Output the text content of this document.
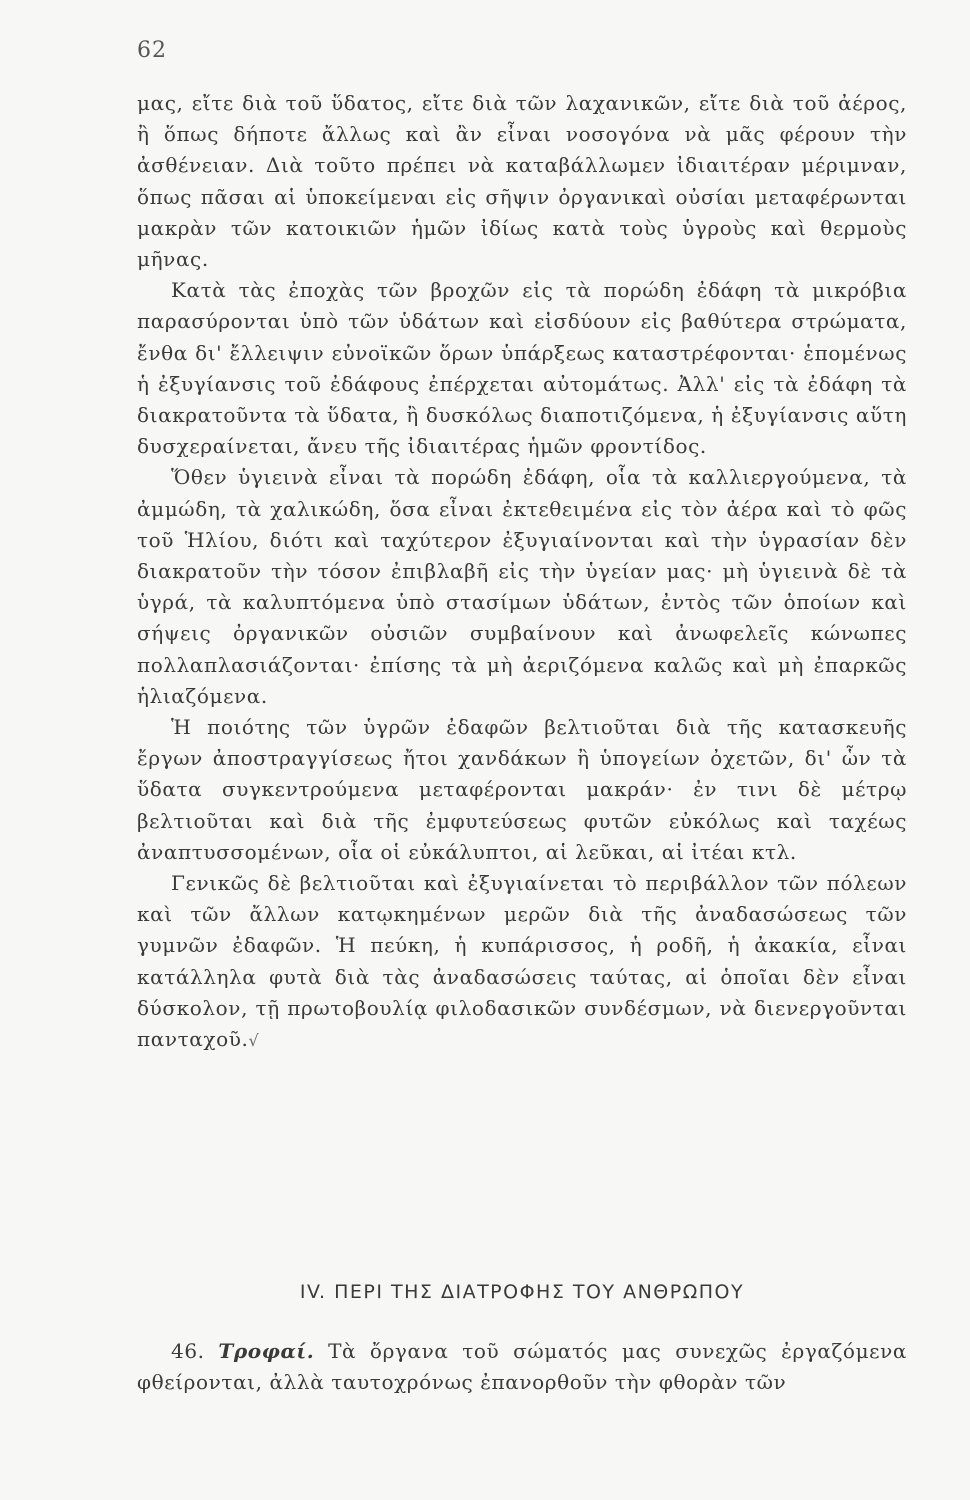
62

μας, εἴτε διὰ τοῦ ὕδατος, εἴτε διὰ τῶν λαχανικῶν, εἴτε διὰ τοῦ ἀέρος, ἢ ὅπως δήποτε ἄλλως καὶ ἂν εἶναι νοσογόνα νὰ μᾶς φέρουν τὴν ἀσθένειαν. Διὰ τοῦτο πρέπει νὰ καταβάλλωμεν ἰδιαιτέραν μέριμναν, ὅπως πᾶσαι αἱ ὑποκείμεναι εἰς σῆψιν ὀργανικαὶ οὐσίαι μεταφέρωνται μακρὰν τῶν κατοικιῶν ἡμῶν ἰδίως κατὰ τοὺς ὑγροὺς καὶ θερμοὺς μῆνας.

Κατὰ τὰς ἐποχὰς τῶν βροχῶν εἰς τὰ πορώδη ἐδάφη τὰ μικρόβια παρασύρονται ὑπὸ τῶν ὑδάτων καὶ εἰσδύουν εἰς βαθύτερα στρώματα, ἔνθα δι' ἔλλειψιν εὐνοϊκῶν ὅρων ὑπάρξεως καταστρέφονται· ἑπομένως ἡ ἐξυγίανσις τοῦ ἐδάφους ἐπέρχεται αὐτομάτως. Ἀλλ' εἰς τὰ ἐδάφη τὰ διακρατοῦντα τὰ ὕδατα, ἢ δυσκόλως διαποτιζόμενα, ἡ ἐξυγίανσις αὕτη δυσχεραίνεται, ἄνευ τῆς ἰδιαιτέρας ἡμῶν φροντίδος.

Ὅθεν ὑγιεινὰ εἶναι τὰ πορώδη ἐδάφη, οἷα τὰ καλλιεργούμενα, τὰ ἀμμώδη, τὰ χαλικώδη, ὅσα εἶναι ἐκτεθειμένα εἰς τὸν ἀέρα καὶ τὸ φῶς τοῦ Ἡλίου, διότι καὶ ταχύτερον ἐξυγιαίνονται καὶ τὴν ὑγρασίαν δὲν διακρατοῦν τὴν τόσον ἐπιβλαβῆ εἰς τὴν ὑγείαν μας· μὴ ὑγιεινὰ δὲ τὰ ὑγρά, τὰ καλυπτόμενα ὑπὸ στασίμων ὑδάτων, ἐντὸς τῶν ὁποίων καὶ σήψεις ὀργανικῶν οὐσιῶν συμβαίνουν καὶ ἀνωφελεῖς κώνωπες πολλαπλασιάζονται· ἐπίσης τὰ μὴ ἀεριζόμενα καλῶς καὶ μὴ ἐπαρκῶς ἡλιαζόμενα.

Ἡ ποιότης τῶν ὑγρῶν ἐδαφῶν βελτιοῦται διὰ τῆς κατασκευῆς ἔργων ἀποστραγγίσεως ἤτοι χανδάκων ἢ ὑπογείων ὀχετῶν, δι' ὧν τὰ ὕδατα συγκεντρούμενα μεταφέρονται μακράν· ἐν τινι δὲ μέτρῳ βελτιοῦται καὶ διὰ τῆς ἐμφυτεύσεως φυτῶν εὐκόλως καὶ ταχέως ἀναπτυσσομένων, οἷα οἱ εὐκάλυπτοι, αἱ λεῦκαι, αἱ ἰτέαι κτλ.

Γενικῶς δὲ βελτιοῦται καὶ ἐξυγιαίνεται τὸ περιβάλλον τῶν πόλεων καὶ τῶν ἄλλων κατῳκημένων μερῶν διὰ τῆς ἀναδασώσεως τῶν γυμνῶν ἐδαφῶν. Ἡ πεύκη, ἡ κυπάρισσος, ἡ ροδῆ, ἡ ἀκακία, εἶναι κατάλληλα φυτὰ διὰ τὰς ἀναδασώσεις ταύτας, αἱ ὁποῖαι δὲν εἶναι δύσκολον, τῇ πρωτοβουλίᾳ φιλοδασικῶν συνδέσμων, νὰ διενεργοῦνται πανταχοῦ.√

IV. ΠΕΡΙ ΤΗΣ ΔΙΑΤΡΟΦΗΣ ΤΟΥ ΑΝΘΡΩΠΟΥ

46. Τροφαί. Τὰ ὄργανα τοῦ σώματός μας συνεχῶς ἐργαζόμενα φθείρονται, ἀλλὰ ταυτοχρόνως ἐπανορθοῦν τὴν φθορὰν τῶν
